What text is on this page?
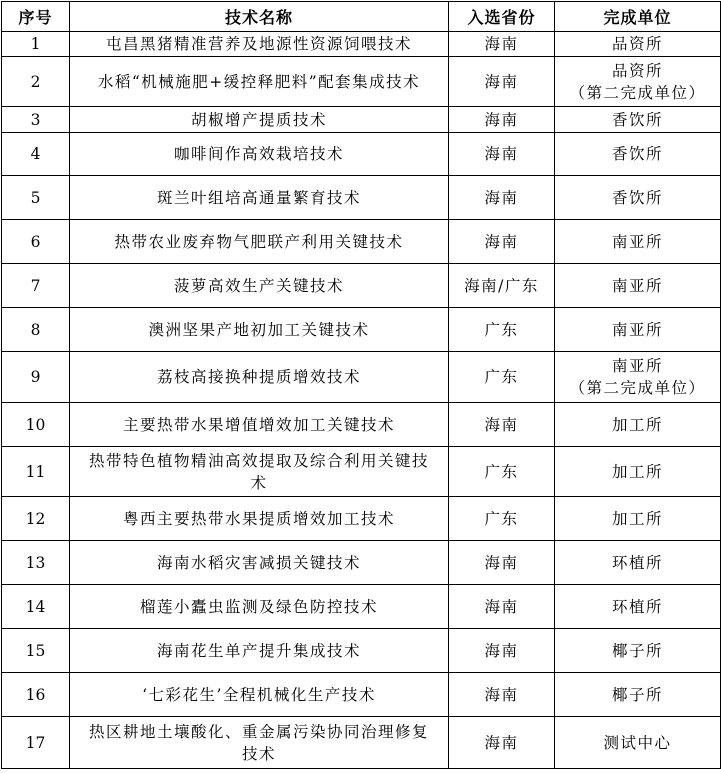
序号	技术名称	入选省份	完成单位
1	屯昌黑猪精准营养及地源性资源饲喂技术	海南	品资所

2	水稻“机械施肥+缓控释肥料”配套集成技术	海南	品资所
（第二完成单位）

3	胡椒增产提质技术	海南	香饮所

4	咖啡间作高效栽培技术	海南	香饮所

5	斑兰叶组培高通量繁育技术	海南	香饮所

6	热带农业废弃物气肥联产利用关键技术	海南	南亚所

7	菠萝高效生产关键技术	海南/广东	南亚所

8	澳洲坚果产地初加工关键技术	广东	南亚所

9	荔枝高接换种提质增效技术	广东	南亚所
（第二完成单位）

10	主要热带水果增值增效加工关键技术	海南	加工所

11	热带特色植物精油高效提取及综合利用关键技术	广东	加工所

12	粤西主要热带水果提质增效加工技术	广东	加工所

13	海南水稻灾害减损关键技术	海南	环植所

14	榴莲小蠹虫监测及绿色防控技术	海南	环植所

15	海南花生单产提升集成技术	海南	椰子所

16	‘七彩花生’全程机械化生产技术	海南	椰子所

17	热区耕地土壤酸化、重金属污染协同治理修复技术	海南	测试中心
